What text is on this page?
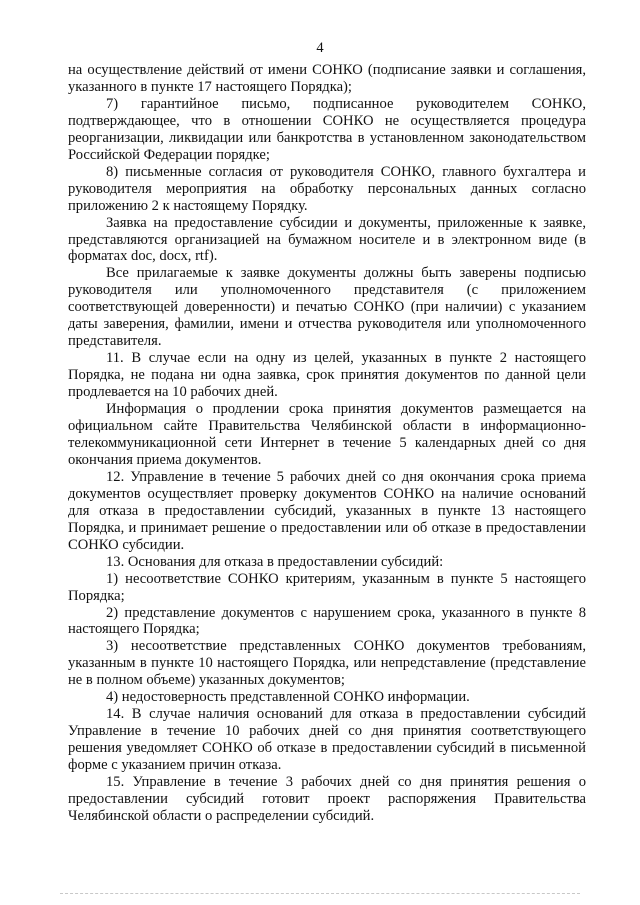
4

на осуществление действий от имени СОНКО (подписание заявки и соглашения, указанного в пункте 17 настоящего Порядка);

7) гарантийное письмо, подписанное руководителем СОНКО, подтверждающее, что в отношении СОНКО не осуществляется процедура реорганизации, ликвидации или банкротства в установленном законодательством Российской Федерации порядке;

8) письменные согласия от руководителя СОНКО, главного бухгалтера и руководителя мероприятия на обработку персональных данных согласно приложению 2 к настоящему Порядку.

Заявка на предоставление субсидии и документы, приложенные к заявке, представляются организацией на бумажном носителе и в электронном виде (в форматах doc, docx, rtf).

Все прилагаемые к заявке документы должны быть заверены подписью руководителя или уполномоченного представителя (с приложением соответствующей доверенности) и печатью СОНКО (при наличии) с указанием даты заверения, фамилии, имени и отчества руководителя или уполномоченного представителя.

11. В случае если на одну из целей, указанных в пункте 2 настоящего Порядка, не подана ни одна заявка, срок принятия документов по данной цели продлевается на 10 рабочих дней.

Информация о продлении срока принятия документов размещается на официальном сайте Правительства Челябинской области в информационно-телекоммуникационной сети Интернет в течение 5 календарных дней со дня окончания приема документов.

12. Управление в течение 5 рабочих дней со дня окончания срока приема документов осуществляет проверку документов СОНКО на наличие оснований для отказа в предоставлении субсидий, указанных в пункте 13 настоящего Порядка, и принимает решение о предоставлении или об отказе в предоставлении СОНКО субсидии.

13. Основания для отказа в предоставлении субсидий:

1) несоответствие СОНКО критериям, указанным в пункте 5 настоящего Порядка;

2) представление документов с нарушением срока, указанного в пункте 8 настоящего Порядка;

3) несоответствие представленных СОНКО документов требованиям, указанным в пункте 10 настоящего Порядка, или непредставление (представление не в полном объеме) указанных документов;

4) недостоверность представленной СОНКО информации.

14. В случае наличия оснований для отказа в предоставлении субсидий Управление в течение 10 рабочих дней со дня принятия соответствующего решения уведомляет СОНКО об отказе в предоставлении субсидий в письменной форме с указанием причин отказа.

15. Управление в течение 3 рабочих дней со дня принятия решения о предоставлении субсидий готовит проект распоряжения Правительства Челябинской области о распределении субсидий.
